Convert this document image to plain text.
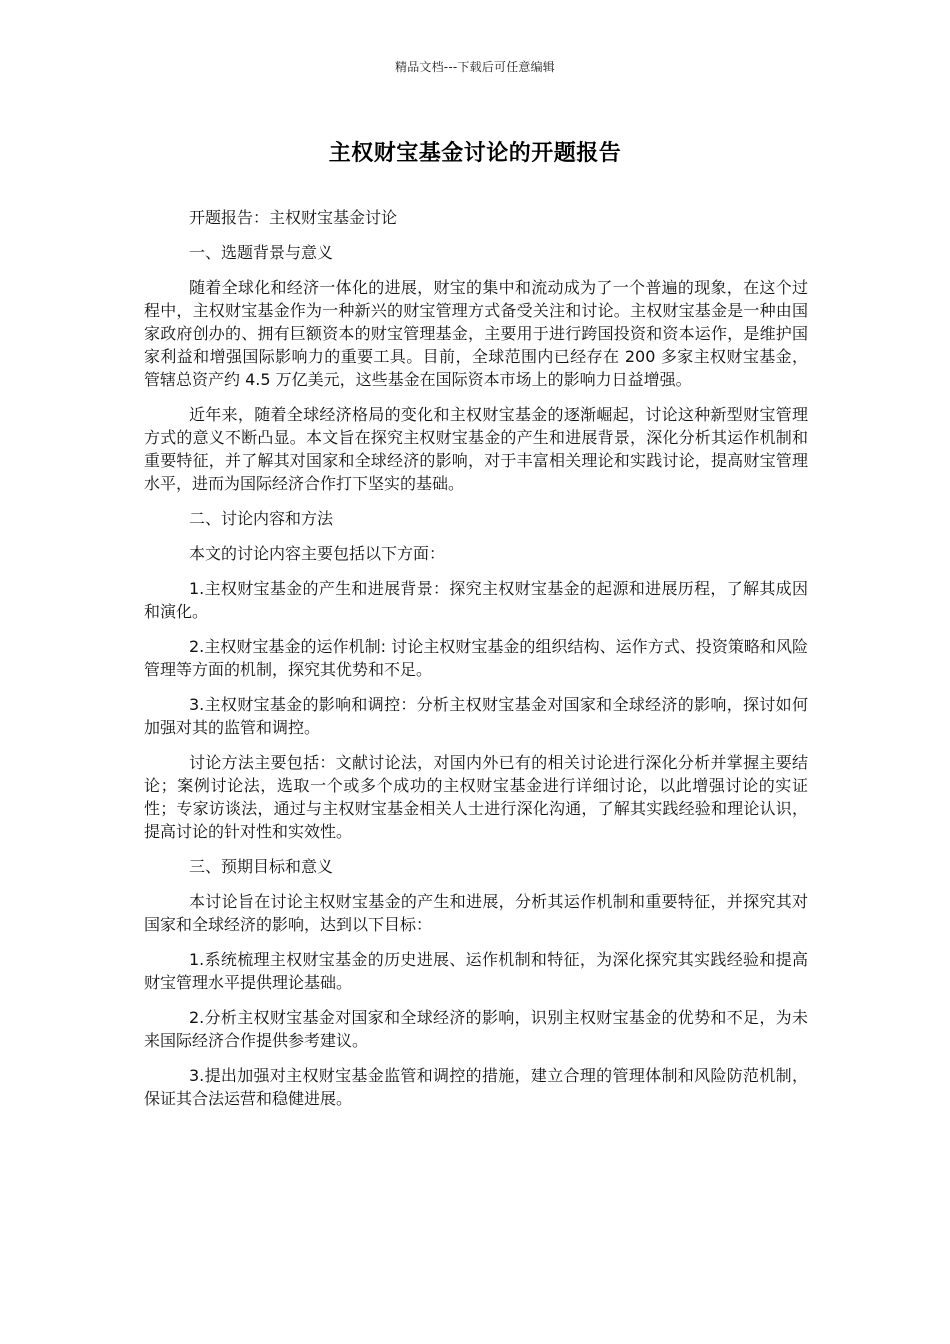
精品文档---下载后可任意编辑
主权财宝基金讨论的开题报告

开题报告：主权财宝基金讨论

一、选题背景与意义

随着全球化和经济一体化的进展，财宝的集中和流动成为了一个普遍的现象，在这个过程中，主权财宝基金作为一种新兴的财宝管理方式备受关注和讨论。主权财宝基金是一种由国家政府创办的、拥有巨额资本的财宝管理基金，主要用于进行跨国投资和资本运作，是维护国家利益和增强国际影响力的重要工具。目前，全球范围内已经存在 200 多家主权财宝基金，管辖总资产约 4.5 万亿美元，这些基金在国际资本市场上的影响力日益增强。

近年来，随着全球经济格局的变化和主权财宝基金的逐渐崛起，讨论这种新型财宝管理方式的意义不断凸显。本文旨在探究主权财宝基金的产生和进展背景，深化分析其运作机制和重要特征，并了解其对国家和全球经济的影响，对于丰富相关理论和实践讨论，提高财宝管理水平，进而为国际经济合作打下坚实的基础。

二、讨论内容和方法

本文的讨论内容主要包括以下方面：

1.主权财宝基金的产生和进展背景：探究主权财宝基金的起源和进展历程，了解其成因和演化。

2.主权财宝基金的运作机制: 讨论主权财宝基金的组织结构、运作方式、投资策略和风险管理等方面的机制，探究其优势和不足。

3.主权财宝基金的影响和调控：分析主权财宝基金对国家和全球经济的影响，探讨如何加强对其的监管和调控。

讨论方法主要包括：文献讨论法，对国内外已有的相关讨论进行深化分析并掌握主要结论；案例讨论法，选取一个或多个成功的主权财宝基金进行详细讨论，以此增强讨论的实证性；专家访谈法，通过与主权财宝基金相关人士进行深化沟通，了解其实践经验和理论认识，提高讨论的针对性和实效性。

三、预期目标和意义

本讨论旨在讨论主权财宝基金的产生和进展，分析其运作机制和重要特征，并探究其对国家和全球经济的影响，达到以下目标：

1.系统梳理主权财宝基金的历史进展、运作机制和特征，为深化探究其实践经验和提高财宝管理水平提供理论基础。

2.分析主权财宝基金对国家和全球经济的影响，识别主权财宝基金的优势和不足，为未来国际经济合作提供参考建议。

3.提出加强对主权财宝基金监管和调控的措施，建立合理的管理体制和风险防范机制，保证其合法运营和稳健进展。
